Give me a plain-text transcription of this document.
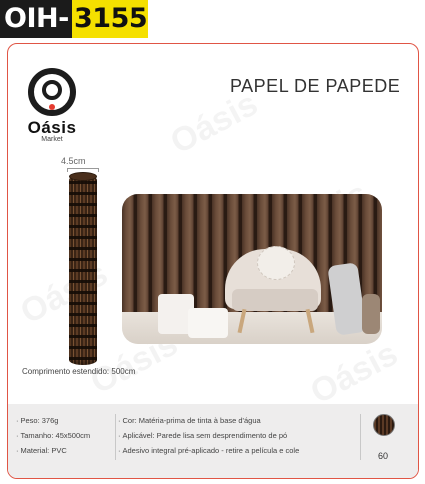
OIH- 3155
Oásis
Market
PAPEL DE PAPEDE
4.5cm
Comprimento estendido: 500cm
· Peso: 376g
· Tamanho: 45x500cm
· Material: PVC
· Cor: Matéria-prima de tinta à base d'água
· Aplicável: Parede lisa sem desprendimento de pó
· Adesivo integral pré-aplicado - retire a película e cole
60
